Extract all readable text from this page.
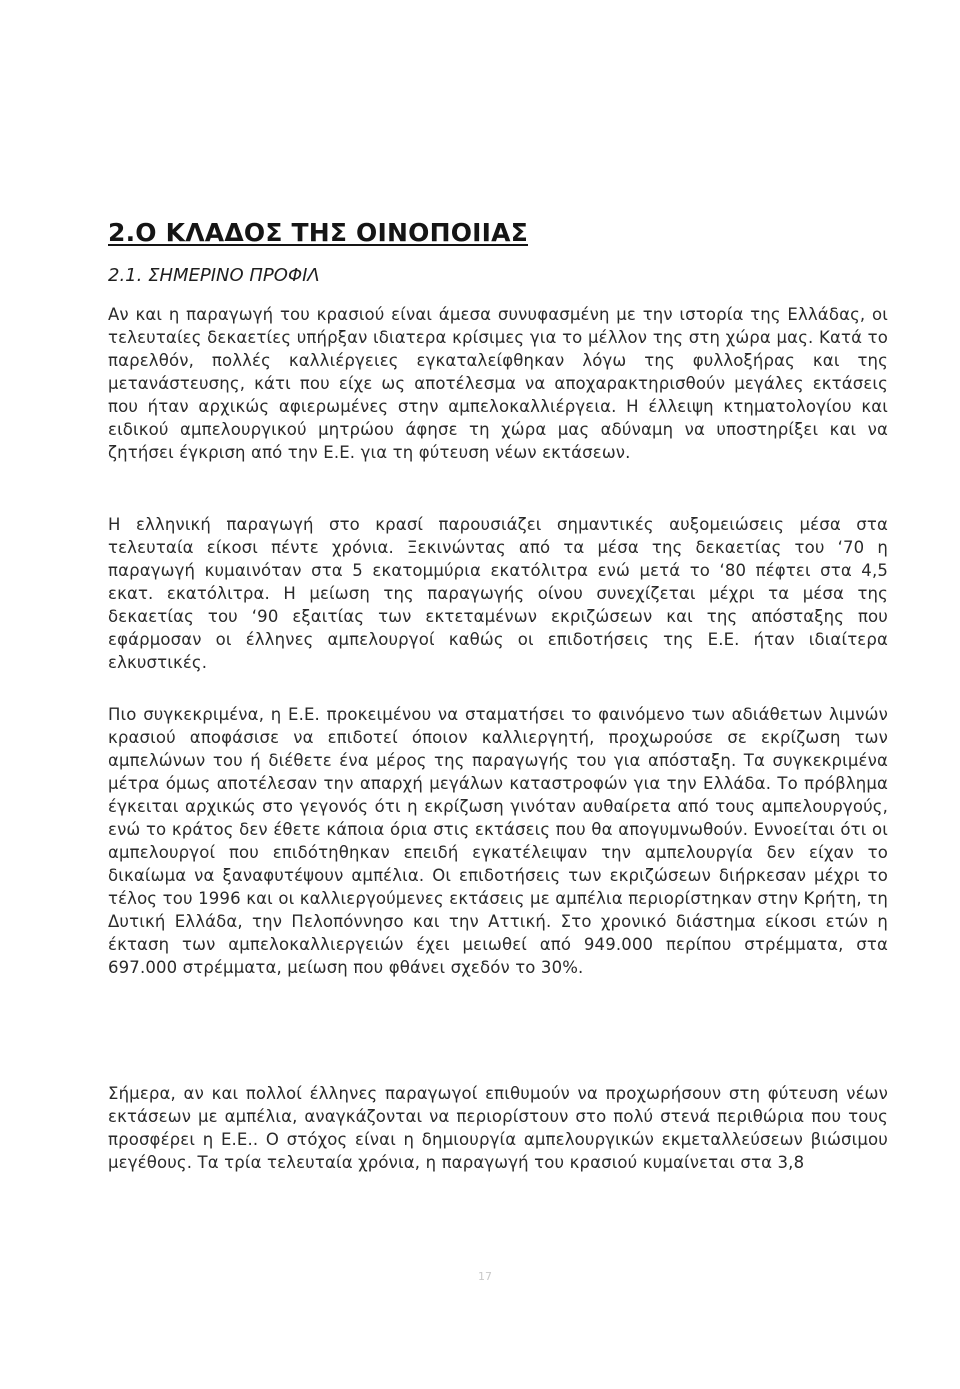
2.Ο ΚΛΑΔΟΣ ΤΗΣ ΟΙΝΟΠΟΙΙΑΣ
2.1. ΣΗΜΕΡΙΝΟ ΠΡΟΦΙΛ

Αν και η παραγωγή του κρασιού είναι άμεσα συνυφασμένη με την ιστορία της Ελλάδας, οι τελευταίες δεκαετίες υπήρξαν ιδιατερα κρίσιμες για το μέλλον της στη χώρα μας. Κατά το παρελθόν, πολλές καλλιέργειες εγκαταλείφθηκαν λόγω της φυλλοξήρας και της μετανάστευσης, κάτι που είχε ως αποτέλεσμα να αποχαρακτηρισθούν μεγάλες εκτάσεις που ήταν αρχικώς αφιερωμένες στην αμπελοκαλλιέργεια. Η έλλειψη κτηματολογίου και ειδικού αμπελουργικού μητρώου άφησε τη χώρα μας αδύναμη να υποστηρίξει και να ζητήσει έγκριση από την Ε.Ε. για τη φύτευση νέων εκτάσεων.

Η ελληνική παραγωγή στο κρασί παρουσιάζει σημαντικές αυξομειώσεις μέσα στα τελευταία είκοσι πέντε χρόνια. Ξεκινώντας από τα μέσα της δεκαετίας του ‘70 η παραγωγή κυμαινόταν στα 5 εκατομμύρια εκατόλιτρα ενώ μετά το ‘80 πέφτει στα 4,5 εκατ. εκατόλιτρα. Η μείωση της παραγωγής οίνου συνεχίζεται μέχρι τα μέσα της δεκαετίας του ‘90 εξαιτίας των εκτεταμένων εκριζώσεων και της απόσταξης που εφάρμοσαν οι έλληνες αμπελουργοί καθώς οι επιδοτήσεις της Ε.Ε. ήταν ιδιαίτερα ελκυστικές.

Πιο συγκεκριμένα, η Ε.Ε. προκειμένου να σταματήσει το φαινόμενο των αδιάθετων λιμνών κρασιού αποφάσισε να επιδοτεί όποιον καλλιεργητή, προχωρούσε σε εκρίζωση των αμπελώνων του ή διέθετε ένα μέρος της παραγωγής του για απόσταξη. Τα συγκεκριμένα μέτρα όμως αποτέλεσαν την απαρχή μεγάλων καταστροφών για την Ελλάδα. Το πρόβλημα έγκειται αρχικώς στο γεγονός ότι η εκρίζωση γινόταν αυθαίρετα από τους αμπελουργούς, ενώ το κράτος δεν έθετε κάποια όρια στις εκτάσεις που θα απογυμνωθούν. Εννοείται ότι οι αμπελουργοί που επιδότηθηκαν επειδή εγκατέλειψαν την αμπελουργία δεν είχαν το δικαίωμα να ξαναφυτέψουν αμπέλια. Οι επιδοτήσεις των εκριζώσεων διήρκεσαν μέχρι το τέλος του 1996 και οι καλλιεργούμενες εκτάσεις με αμπέλια περιορίστηκαν στην Κρήτη, τη Δυτική Ελλάδα, την Πελοπόννησο και την Αττική. Στο χρονικό διάστημα είκοσι ετών η έκταση των αμπελοκαλλιεργειών έχει μειωθεί από 949.000 περίπου στρέμματα, στα 697.000 στρέμματα, μείωση που φθάνει σχεδόν το 30%.

Σήμερα, αν και πολλοί έλληνες παραγωγοί επιθυμούν να προχωρήσουν στη φύτευση νέων εκτάσεων με αμπέλια, αναγκάζονται να περιορίστουν στο πολύ στενά περιθώρια που τους προσφέρει η Ε.Ε.. Ο στόχος είναι η δημιουργία αμπελουργικών εκμεταλλεύσεων βιώσιμου μεγέθους. Τα τρία τελευταία χρόνια, η παραγωγή του κρασιού κυμαίνεται στα 3,8

17
